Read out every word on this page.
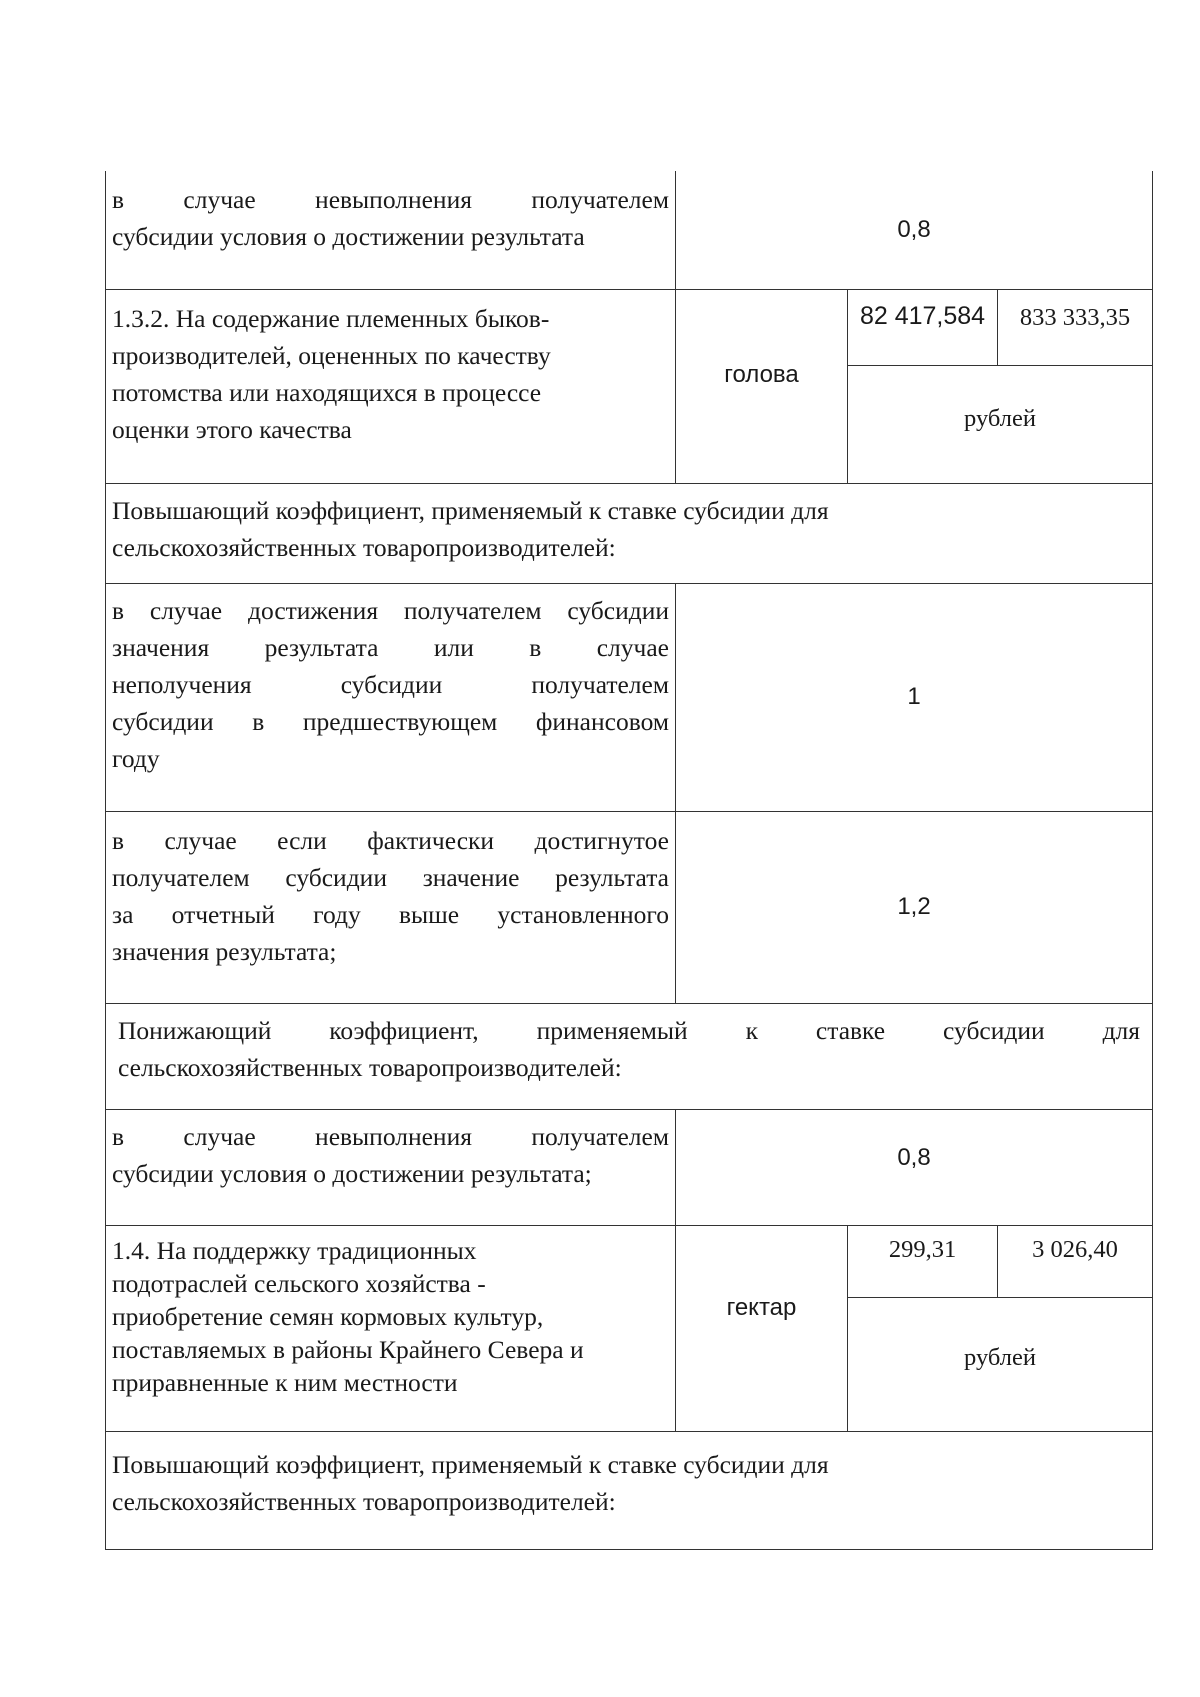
в случае невыполнения получателем
субсидии условия о достижении результата	0,8		

1.3.2. На содержание племенных быков-
производителей, оцененных по качеству
потомства или находящихся в процессе
оценки этого качества	голова	82 417,584	833 333,35
		рублей	

Повышающий коэффициент, применяемый к ставке субсидии для
сельскохозяйственных товаропроизводителей:			

в случае достижения получателем субсидии
значения результата или в случае
неполучения субсидии получателем
субсидии в предшествующем финансовом
году	1		

в случае если фактически достигнутое
получателем субсидии значение результата
за отчетный году выше установленного
значения результата;	1,2		

Понижающий коэффициент, применяемый к ставке субсидии для
сельскохозяйственных товаропроизводителей:			

в случае невыполнения получателем
субсидии условия о достижении результата;	0,8		

1.4. На поддержку традиционных
подотраслей сельского хозяйства -
приобретение семян кормовых культур,
поставляемых в районы Крайнего Севера и
приравненные к ним местности	гектар	299,31	3 026,40
		рублей	

Повышающий коэффициент, применяемый к ставке субсидии для
сельскохозяйственных товаропроизводителей:			
